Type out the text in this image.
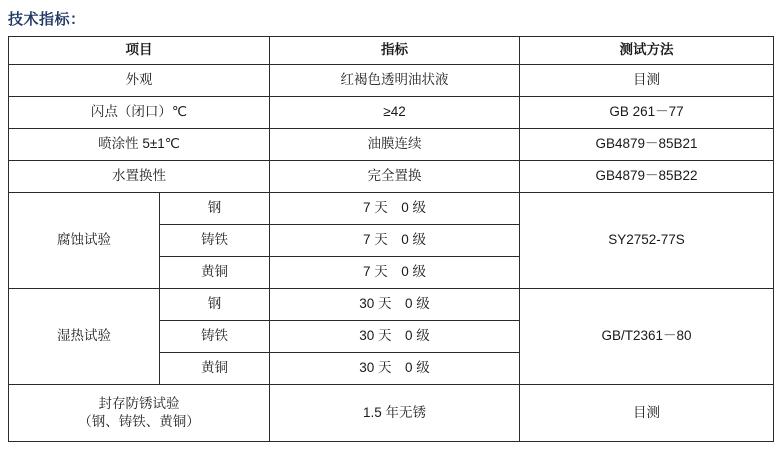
技术指标：
项目		指标	测试方法
外观		红褐色透明油状液	目测
闪点（闭口）℃		≥42	GB 261－77
喷涂性 5±1℃		油膜连续	GB4879－85B21
水置换性		完全置换	GB4879－85B22
腐蚀试验	钢	7 天　0 级	SY2752-77S
	铸铁	7 天　0 级	
	黄铜	7 天　0 级	
湿热试验	钢	30 天　0 级	GB/T2361－80
	铸铁	30 天　0 级	
	黄铜	30 天　0 级	

封存防锈试验
（钢、铸铁、黄铜）		1.5 年无锈	目测
